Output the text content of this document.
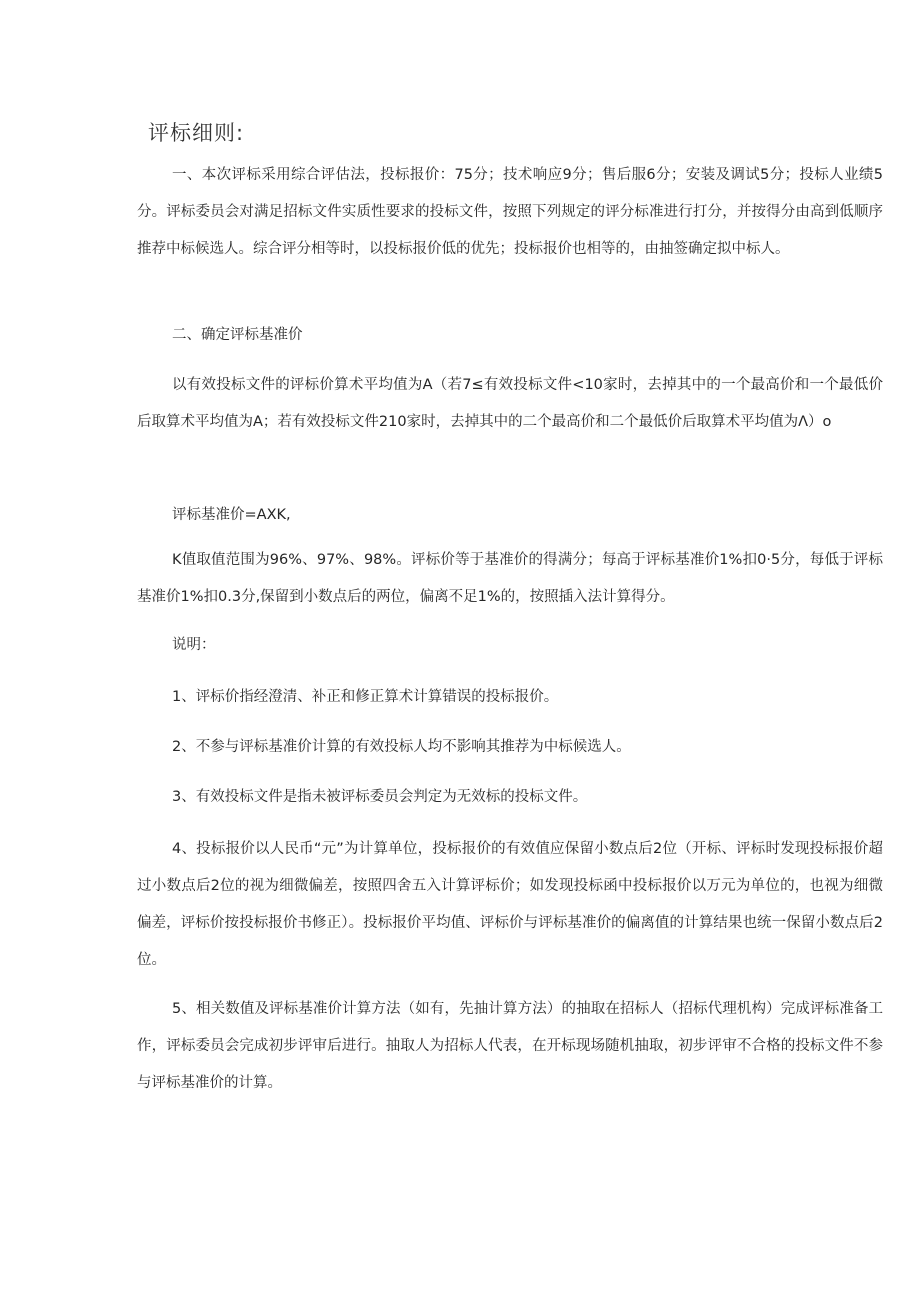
评标细则:
一、本次评标采用综合评估法，投标报价：75分；技术响应9分；售后服6分；安装及调试5分；投标人业绩5分。评标委员会对满足招标文件实质性要求的投标文件，按照下列规定的评分标准进行打分，并按得分由高到低顺序推荐中标候选人。综合评分相等时，以投标报价低的优先；投标报价也相等的，由抽签确定拟中标人。
二、确定评标基准价
以有效投标文件的评标价算术平均值为A（若7≤有效投标文件<10家时，去掉其中的一个最高价和一个最低价后取算术平均值为A；若有效投标文件210家时，去掉其中的二个最高价和二个最低价后取算术平均值为Λ）o
评标基准价=AXK,
K值取值范围为96%、97%、98%。评标价等于基准价的得满分；每高于评标基准价1%扣0·5分，每低于评标基准价1%扣0.3分,保留到小数点后的两位，偏离不足1%的，按照插入法计算得分。
说明：
1、评标价指经澄清、补正和修正算术计算错误的投标报价。
2、不参与评标基准价计算的有效投标人均不影响其推荐为中标候选人。
3、有效投标文件是指未被评标委员会判定为无效标的投标文件。
4、投标报价以人民币“元”为计算单位，投标报价的有效值应保留小数点后2位（开标、评标时发现投标报价超过小数点后2位的视为细微偏差，按照四舍五入计算评标价；如发现投标函中投标报价以万元为单位的，也视为细微偏差，评标价按投标报价书修正）。投标报价平均值、评标价与评标基准价的偏离值的计算结果也统一保留小数点后2位。
5、相关数值及评标基准价计算方法（如有，先抽计算方法）的抽取在招标人（招标代理机构）完成评标准备工作，评标委员会完成初步评审后进行。抽取人为招标人代表，在开标现场随机抽取，初步评审不合格的投标文件不参与评标基准价的计算。
